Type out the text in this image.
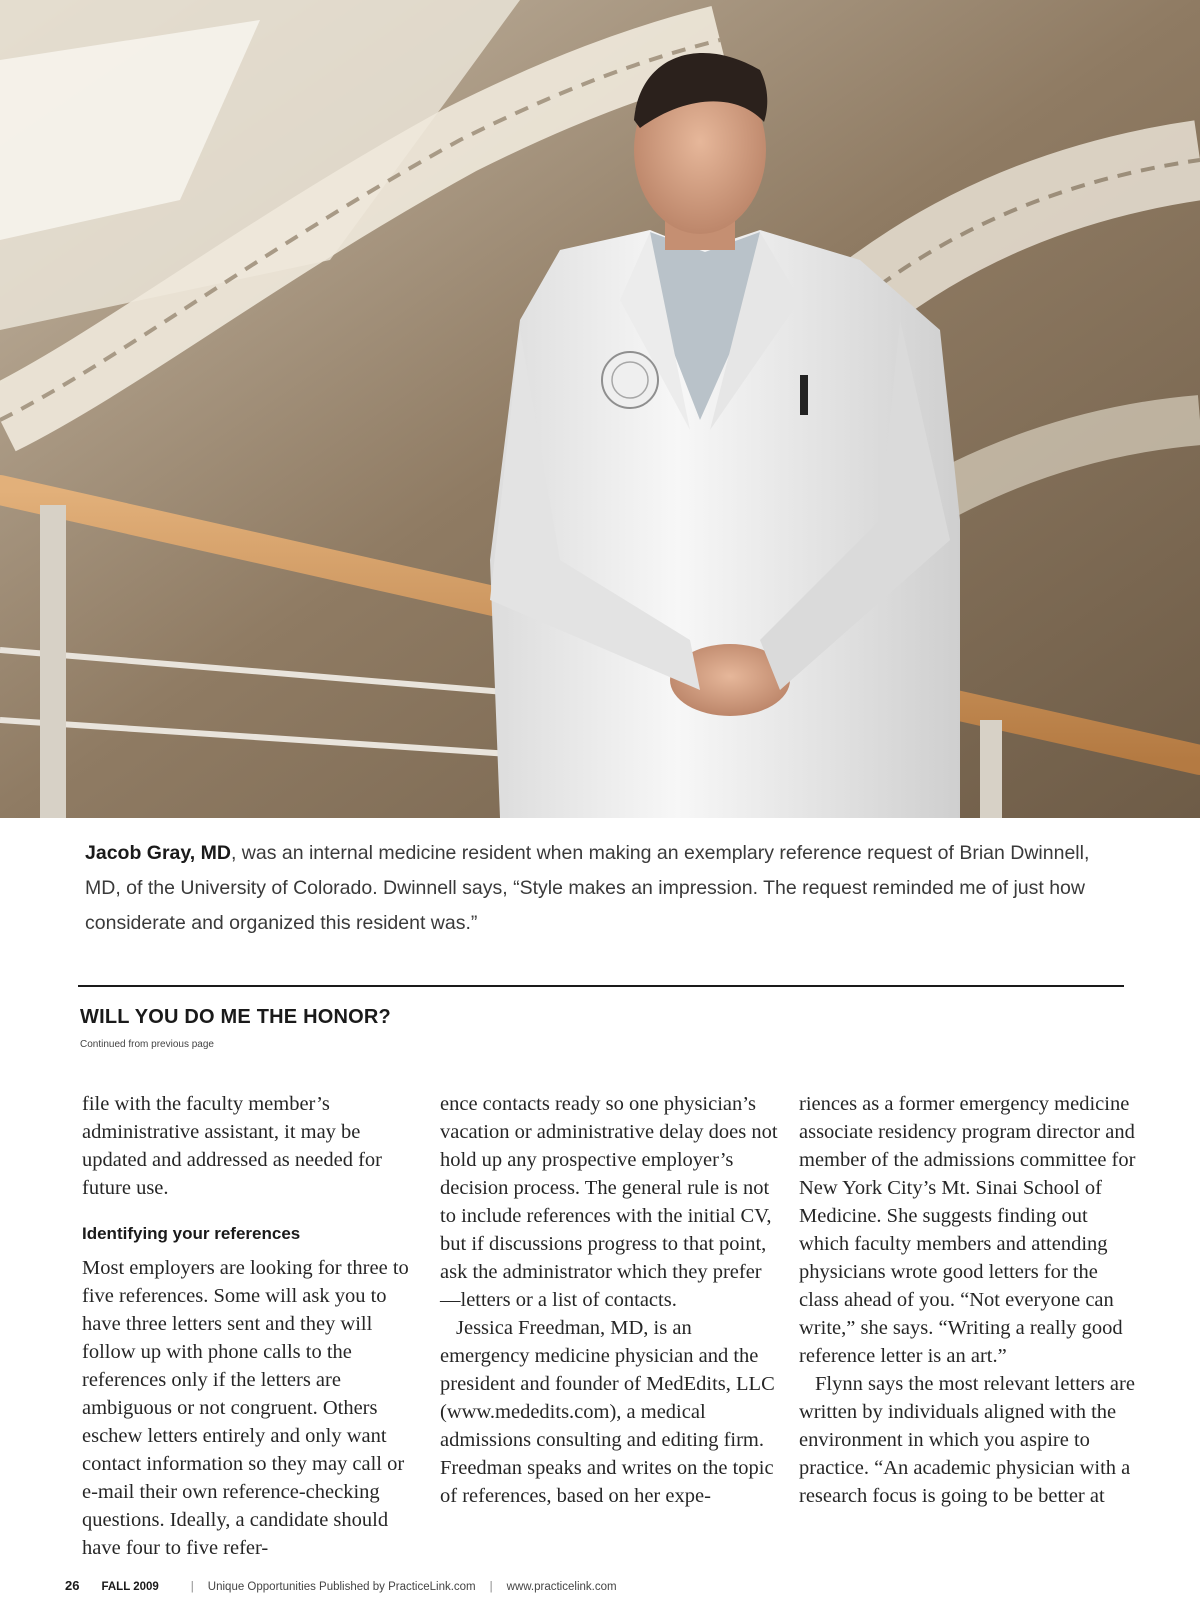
Jacob Gray, MD, was an internal medicine resident when making an exemplary reference request of Brian Dwinnell, MD, of the University of Colorado. Dwinnell says, “Style makes an impression. The request reminded me of just how considerate and organized this resident was.”
WILL YOU DO ME THE HONOR?
Continued from previous page

file with the faculty member’s administrative assistant, it may be updated and addressed as needed for future use.

Identifying your references

Most employers are looking for three to five references. Some will ask you to have three letters sent and they will follow up with phone calls to the references only if the letters are ambiguous or not congruent. Others eschew letters entirely and only want contact information so they may call or e-mail their own reference-checking questions. Ideally, a candidate should have four to five refer-

ence contacts ready so one physician’s vacation or administrative delay does not hold up any prospective employer’s decision process. The general rule is not to include references with the initial CV, but if discussions progress to that point, ask the administrator which they prefer—letters or a list of contacts.

Jessica Freedman, MD, is an emergency medicine physician and the president and founder of MedEdits, LLC (www.mededits.com), a medical admissions consulting and editing firm. Freedman speaks and writes on the topic of references, based on her expe-

riences as a former emergency medicine associate residency program director and member of the admissions committee for New York City’s Mt. Sinai School of Medicine. She suggests finding out which faculty members and attending physicians wrote good letters for the class ahead of you. “Not everyone can write,” she says. “Writing a really good reference letter is an art.”

Flynn says the most relevant letters are written by individuals aligned with the environment in which you aspire to practice. “An academic physician with a research focus is going to be better at

26 FALL 2009	| Unique Opportunities Published by PracticeLink.com | www.practicelink.com
